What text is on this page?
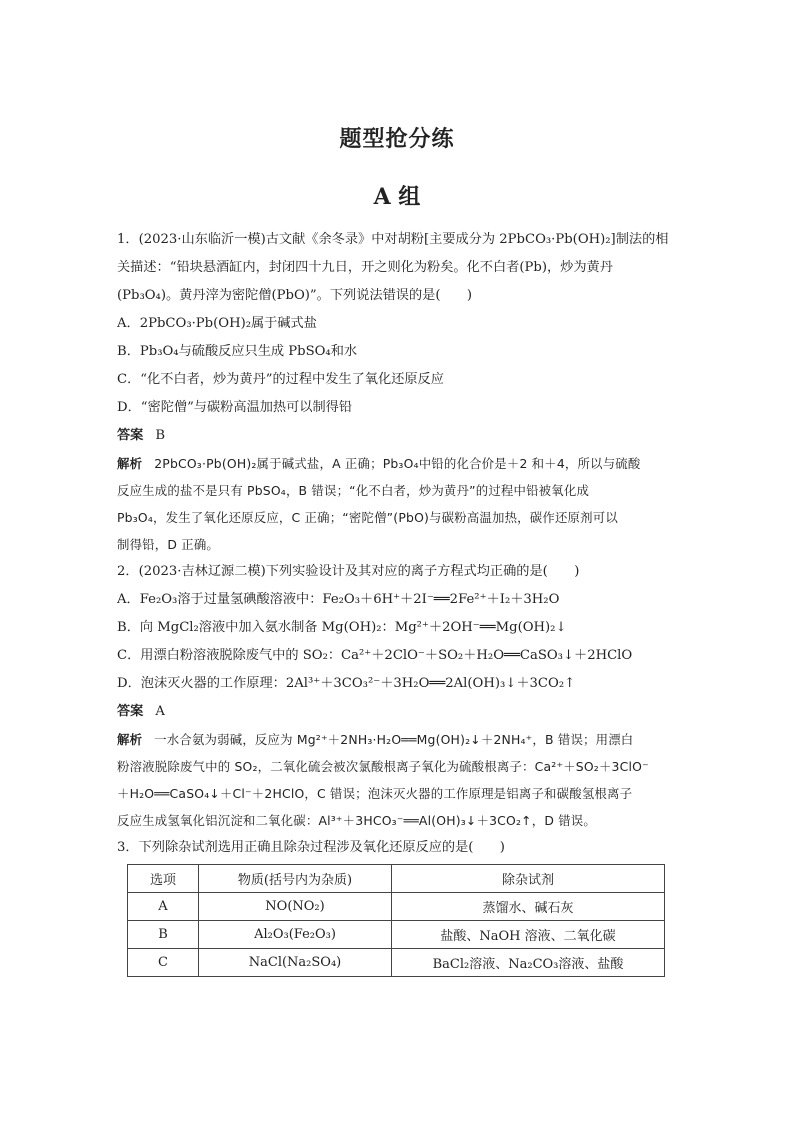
题型抢分练
A 组

1．(2023·山东临沂一模)古文献《余冬录》中对胡粉[主要成分为 2PbCO₃·Pb(OH)₂]制法的相

关描述：“铅块悬酒缸内，封闭四十九日，开之则化为粉矣。化不白者(Pb)，炒为黄丹

(Pb₃O₄)。黄丹滓为密陀僧(PbO)”。下列说法错误的是(　　)

A．2PbCO₃·Pb(OH)₂属于碱式盐

B．Pb₃O₄与硫酸反应只生成 PbSO₄和水

C．“化不白者，炒为黄丹”的过程中发生了氧化还原反应

D．“密陀僧”与碳粉高温加热可以制得铅

答案 B

解析 2PbCO₃·Pb(OH)₂属于碱式盐，A 正确；Pb₃O₄中铅的化合价是＋2 和＋4，所以与硫酸

反应生成的盐不是只有 PbSO₄，B 错误；“化不白者，炒为黄丹”的过程中铅被氧化成

Pb₃O₄，发生了氧化还原反应，C 正确；“密陀僧”(PbO)与碳粉高温加热，碳作还原剂可以

制得铅，D 正确。

2．(2023·吉林辽源二模)下列实验设计及其对应的离子方程式均正确的是(　　)

A．Fe₂O₃溶于过量氢碘酸溶液中：Fe₂O₃＋6H⁺＋2I⁻══2Fe²⁺＋I₂＋3H₂O

B．向 MgCl₂溶液中加入氨水制备 Mg(OH)₂：Mg²⁺＋2OH⁻══Mg(OH)₂↓

C．用漂白粉溶液脱除废气中的 SO₂：Ca²⁺＋2ClO⁻＋SO₂＋H₂O══CaSO₃↓＋2HClO

D．泡沫灭火器的工作原理：2Al³⁺＋3CO₃²⁻＋3H₂O══2Al(OH)₃↓＋3CO₂↑

答案 A

解析 一水合氨为弱碱，反应为 Mg²⁺＋2NH₃·H₂O══Mg(OH)₂↓＋2NH₄⁺，B 错误；用漂白

粉溶液脱除废气中的 SO₂，二氧化硫会被次氯酸根离子氧化为硫酸根离子：Ca²⁺＋SO₂＋3ClO⁻

＋H₂O══CaSO₄↓＋Cl⁻＋2HClO，C 错误；泡沫灭火器的工作原理是铝离子和碳酸氢根离子

反应生成氢氧化铝沉淀和二氧化碳：Al³⁺＋3HCO₃⁻══Al(OH)₃↓＋3CO₂↑，D 错误。

3．下列除杂试剂选用正确且除杂过程涉及氧化还原反应的是(　　)

选项	物质(括号内为杂质)	除杂试剂
A	NO(NO₂)	蒸馏水、碱石灰
B	Al₂O₃(Fe₂O₃)	盐酸、NaOH 溶液、二氧化碳
C	NaCl(Na₂SO₄)	BaCl₂溶液、Na₂CO₃溶液、盐酸
